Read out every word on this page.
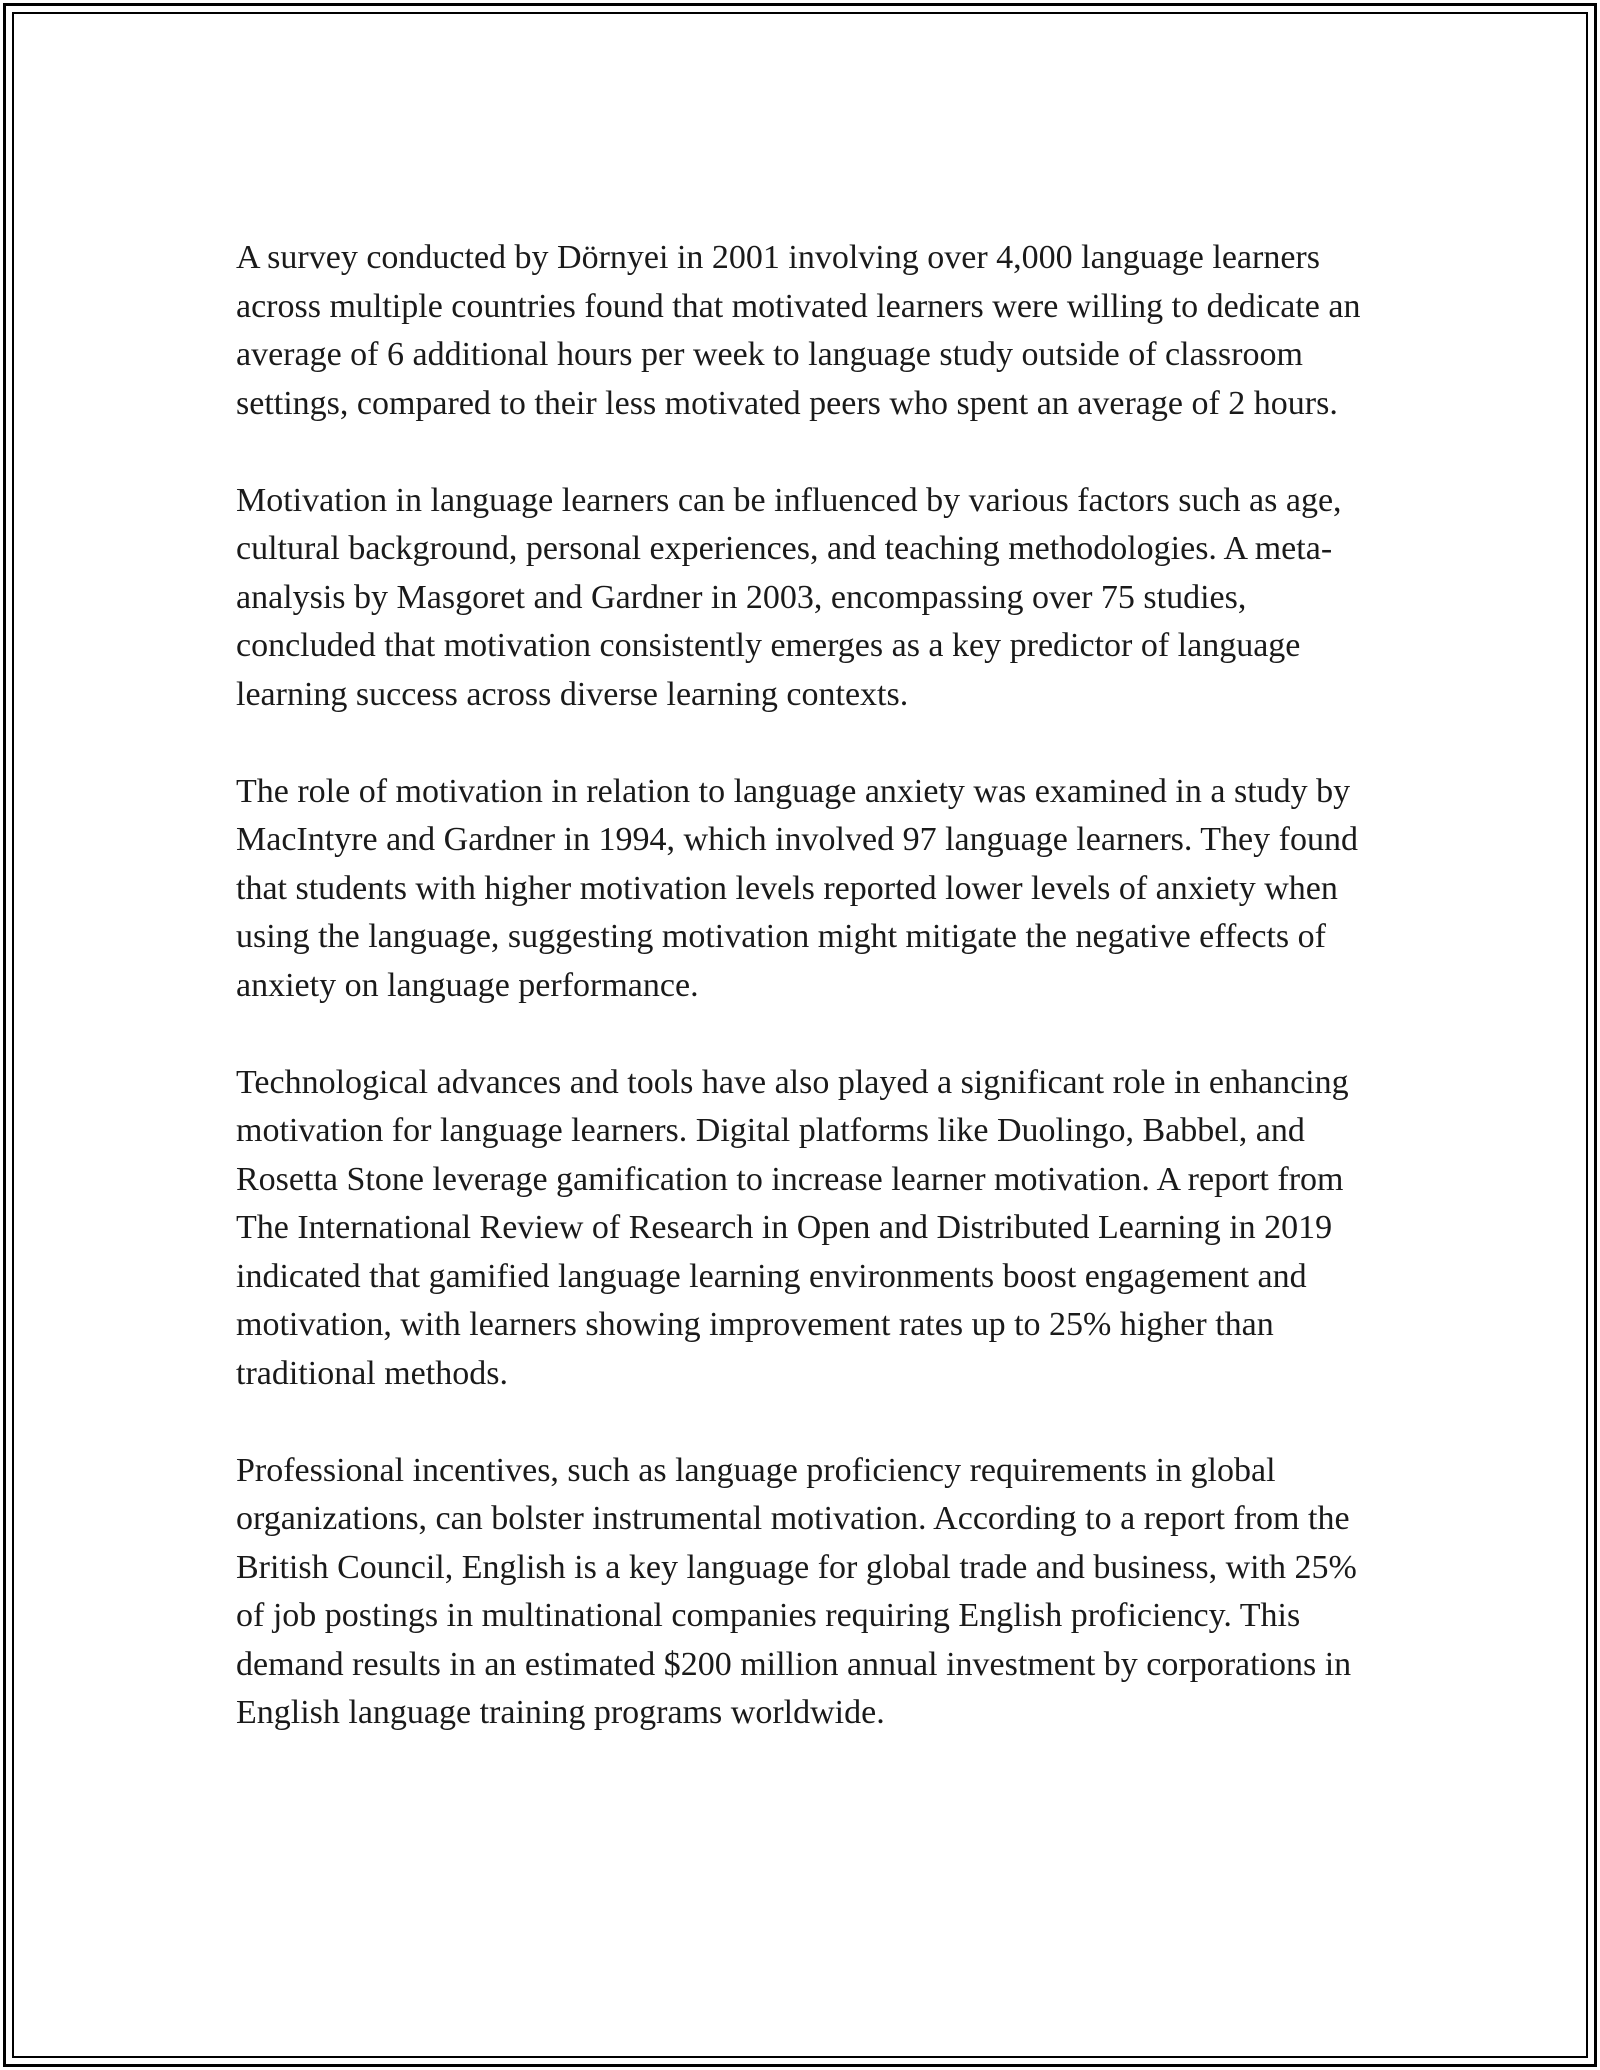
A survey conducted by Dörnyei in 2001 involving over 4,000 language learners across multiple countries found that motivated learners were willing to dedicate an average of 6 additional hours per week to language study outside of classroom settings, compared to their less motivated peers who spent an average of 2 hours.

Motivation in language learners can be influenced by various factors such as age, cultural background, personal experiences, and teaching methodologies. A meta-analysis by Masgoret and Gardner in 2003, encompassing over 75 studies, concluded that motivation consistently emerges as a key predictor of language learning success across diverse learning contexts.

The role of motivation in relation to language anxiety was examined in a study by MacIntyre and Gardner in 1994, which involved 97 language learners. They found that students with higher motivation levels reported lower levels of anxiety when using the language, suggesting motivation might mitigate the negative effects of anxiety on language performance.

Technological advances and tools have also played a significant role in enhancing motivation for language learners. Digital platforms like Duolingo, Babbel, and Rosetta Stone leverage gamification to increase learner motivation. A report from The International Review of Research in Open and Distributed Learning in 2019 indicated that gamified language learning environments boost engagement and motivation, with learners showing improvement rates up to 25% higher than traditional methods.

Professional incentives, such as language proficiency requirements in global organizations, can bolster instrumental motivation. According to a report from the British Council, English is a key language for global trade and business, with 25% of job postings in multinational companies requiring English proficiency. This demand results in an estimated $200 million annual investment by corporations in English language training programs worldwide.
